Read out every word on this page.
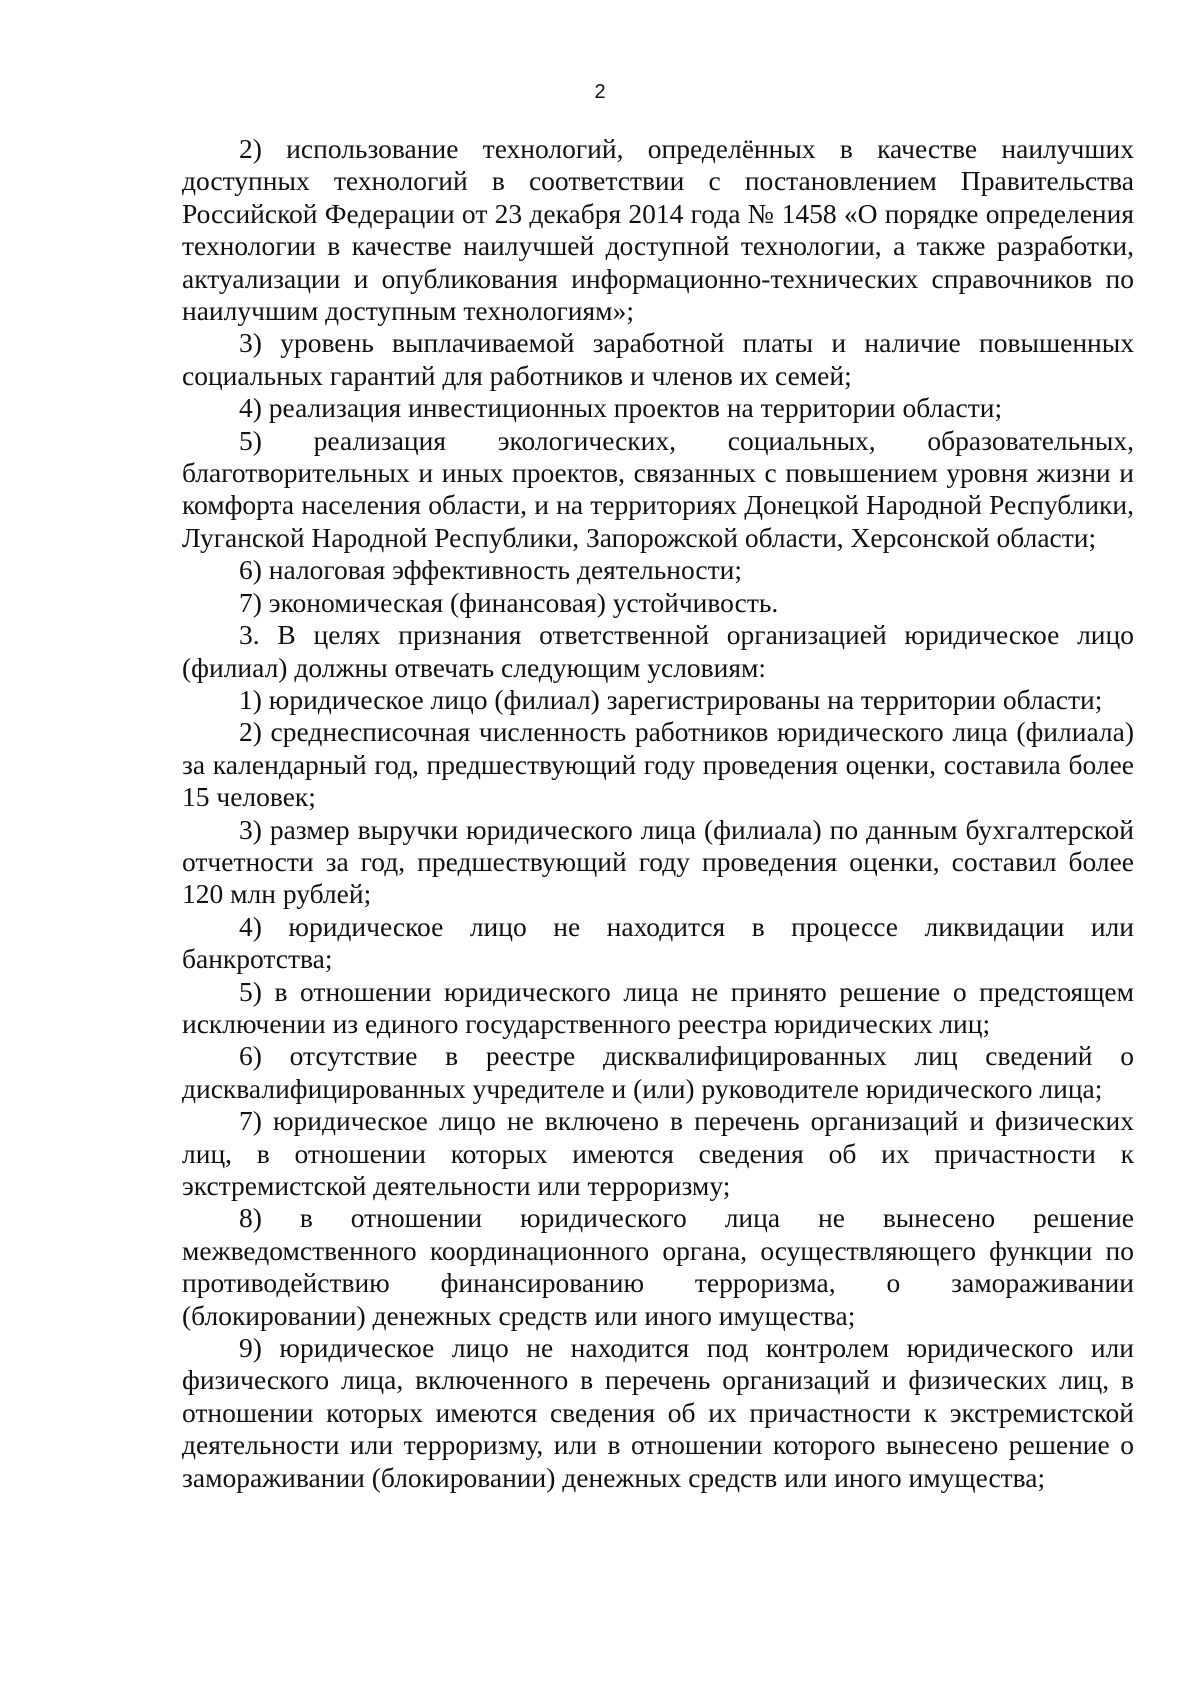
2

2) использование технологий, определённых в качестве наилучших доступных технологий в соответствии с постановлением Правительства Российской Федерации от 23 декабря 2014 года № 1458 «О порядке определения технологии в качестве наилучшей доступной технологии, а также разработки, актуализации и опубликования информационно-технических справочников по наилучшим доступным технологиям»;

3) уровень выплачиваемой заработной платы и наличие повышенных социальных гарантий для работников и членов их семей;

4) реализация инвестиционных проектов на территории области;

5) реализация экологических, социальных, образовательных, благотворительных и иных проектов, связанных с повышением уровня жизни и комфорта населения области, и на территориях Донецкой Народной Республики, Луганской Народной Республики, Запорожской области, Херсонской области;

6) налоговая эффективность деятельности;

7) экономическая (финансовая) устойчивость.

3. В целях признания ответственной организацией юридическое лицо (филиал) должны отвечать следующим условиям:

1) юридическое лицо (филиал) зарегистрированы на территории области;

2) среднесписочная численность работников юридического лица (филиала) за календарный год, предшествующий году проведения оценки, составила более 15 человек;

3) размер выручки юридического лица (филиала) по данным бухгалтерской отчетности за год, предшествующий году проведения оценки, составил более 120 млн рублей;

4) юридическое лицо не находится в процессе ликвидации или банкротства;

5) в отношении юридического лица не принято решение о предстоящем исключении из единого государственного реестра юридических лиц;

6) отсутствие в реестре дисквалифицированных лиц сведений о дисквалифицированных учредителе и (или) руководителе юридического лица;

7) юридическое лицо не включено в перечень организаций и физических лиц, в отношении которых имеются сведения об их причастности к экстремистской деятельности или терроризму;

8) в отношении юридического лица не вынесено решение межведомственного координационного органа, осуществляющего функции по противодействию финансированию терроризма, о замораживании (блокировании) денежных средств или иного имущества;

9) юридическое лицо не находится под контролем юридического или физического лица, включенного в перечень организаций и физических лиц, в отношении которых имеются сведения об их причастности к экстремистской деятельности или терроризму, или в отношении которого вынесено решение о замораживании (блокировании) денежных средств или иного имущества;
